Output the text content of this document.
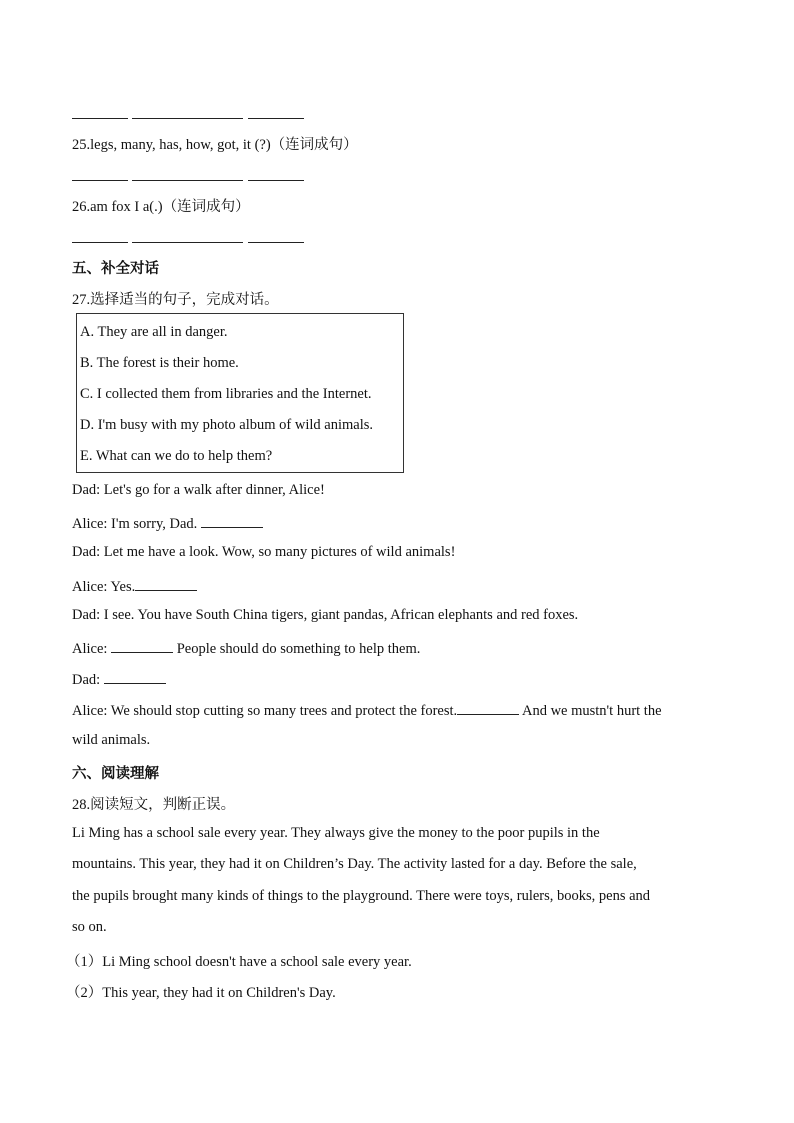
25.legs, many, has, how, got, it (?)（连词成句）
26.am fox I a(.)（连词成句）
五、补全对话
27.选择适当的句子，完成对话。
A. They are all in danger.
B. The forest is their home.
C. I collected them from libraries and the Internet.
D. I'm busy with my photo album of wild animals.
E. What can we do to help them?
Dad: Let's go for a walk after dinner, Alice!
Alice: I'm sorry, Dad.
Dad: Let me have a look. Wow, so many pictures of wild animals!
Alice: Yes.
Dad: I see. You have South China tigers, giant pandas, African elephants and red foxes.
Alice:	People should do something to help them.
Dad:
Alice: We should stop cutting so many trees and protect the forest.	And we mustn't hurt the
wild animals.
六、阅读理解
28.阅读短文，判断正误。
Li Ming has a school sale every year. They always give the money to the poor pupils in the
mountains. This year, they had it on Children’s Day. The activity lasted for a day. Before the sale,
the pupils brought many kinds of things to the playground. There were toys, rulers, books, pens and
so on.
（1）Li Ming school doesn't have a school sale every year.
（2）This year, they had it on Children's Day.
